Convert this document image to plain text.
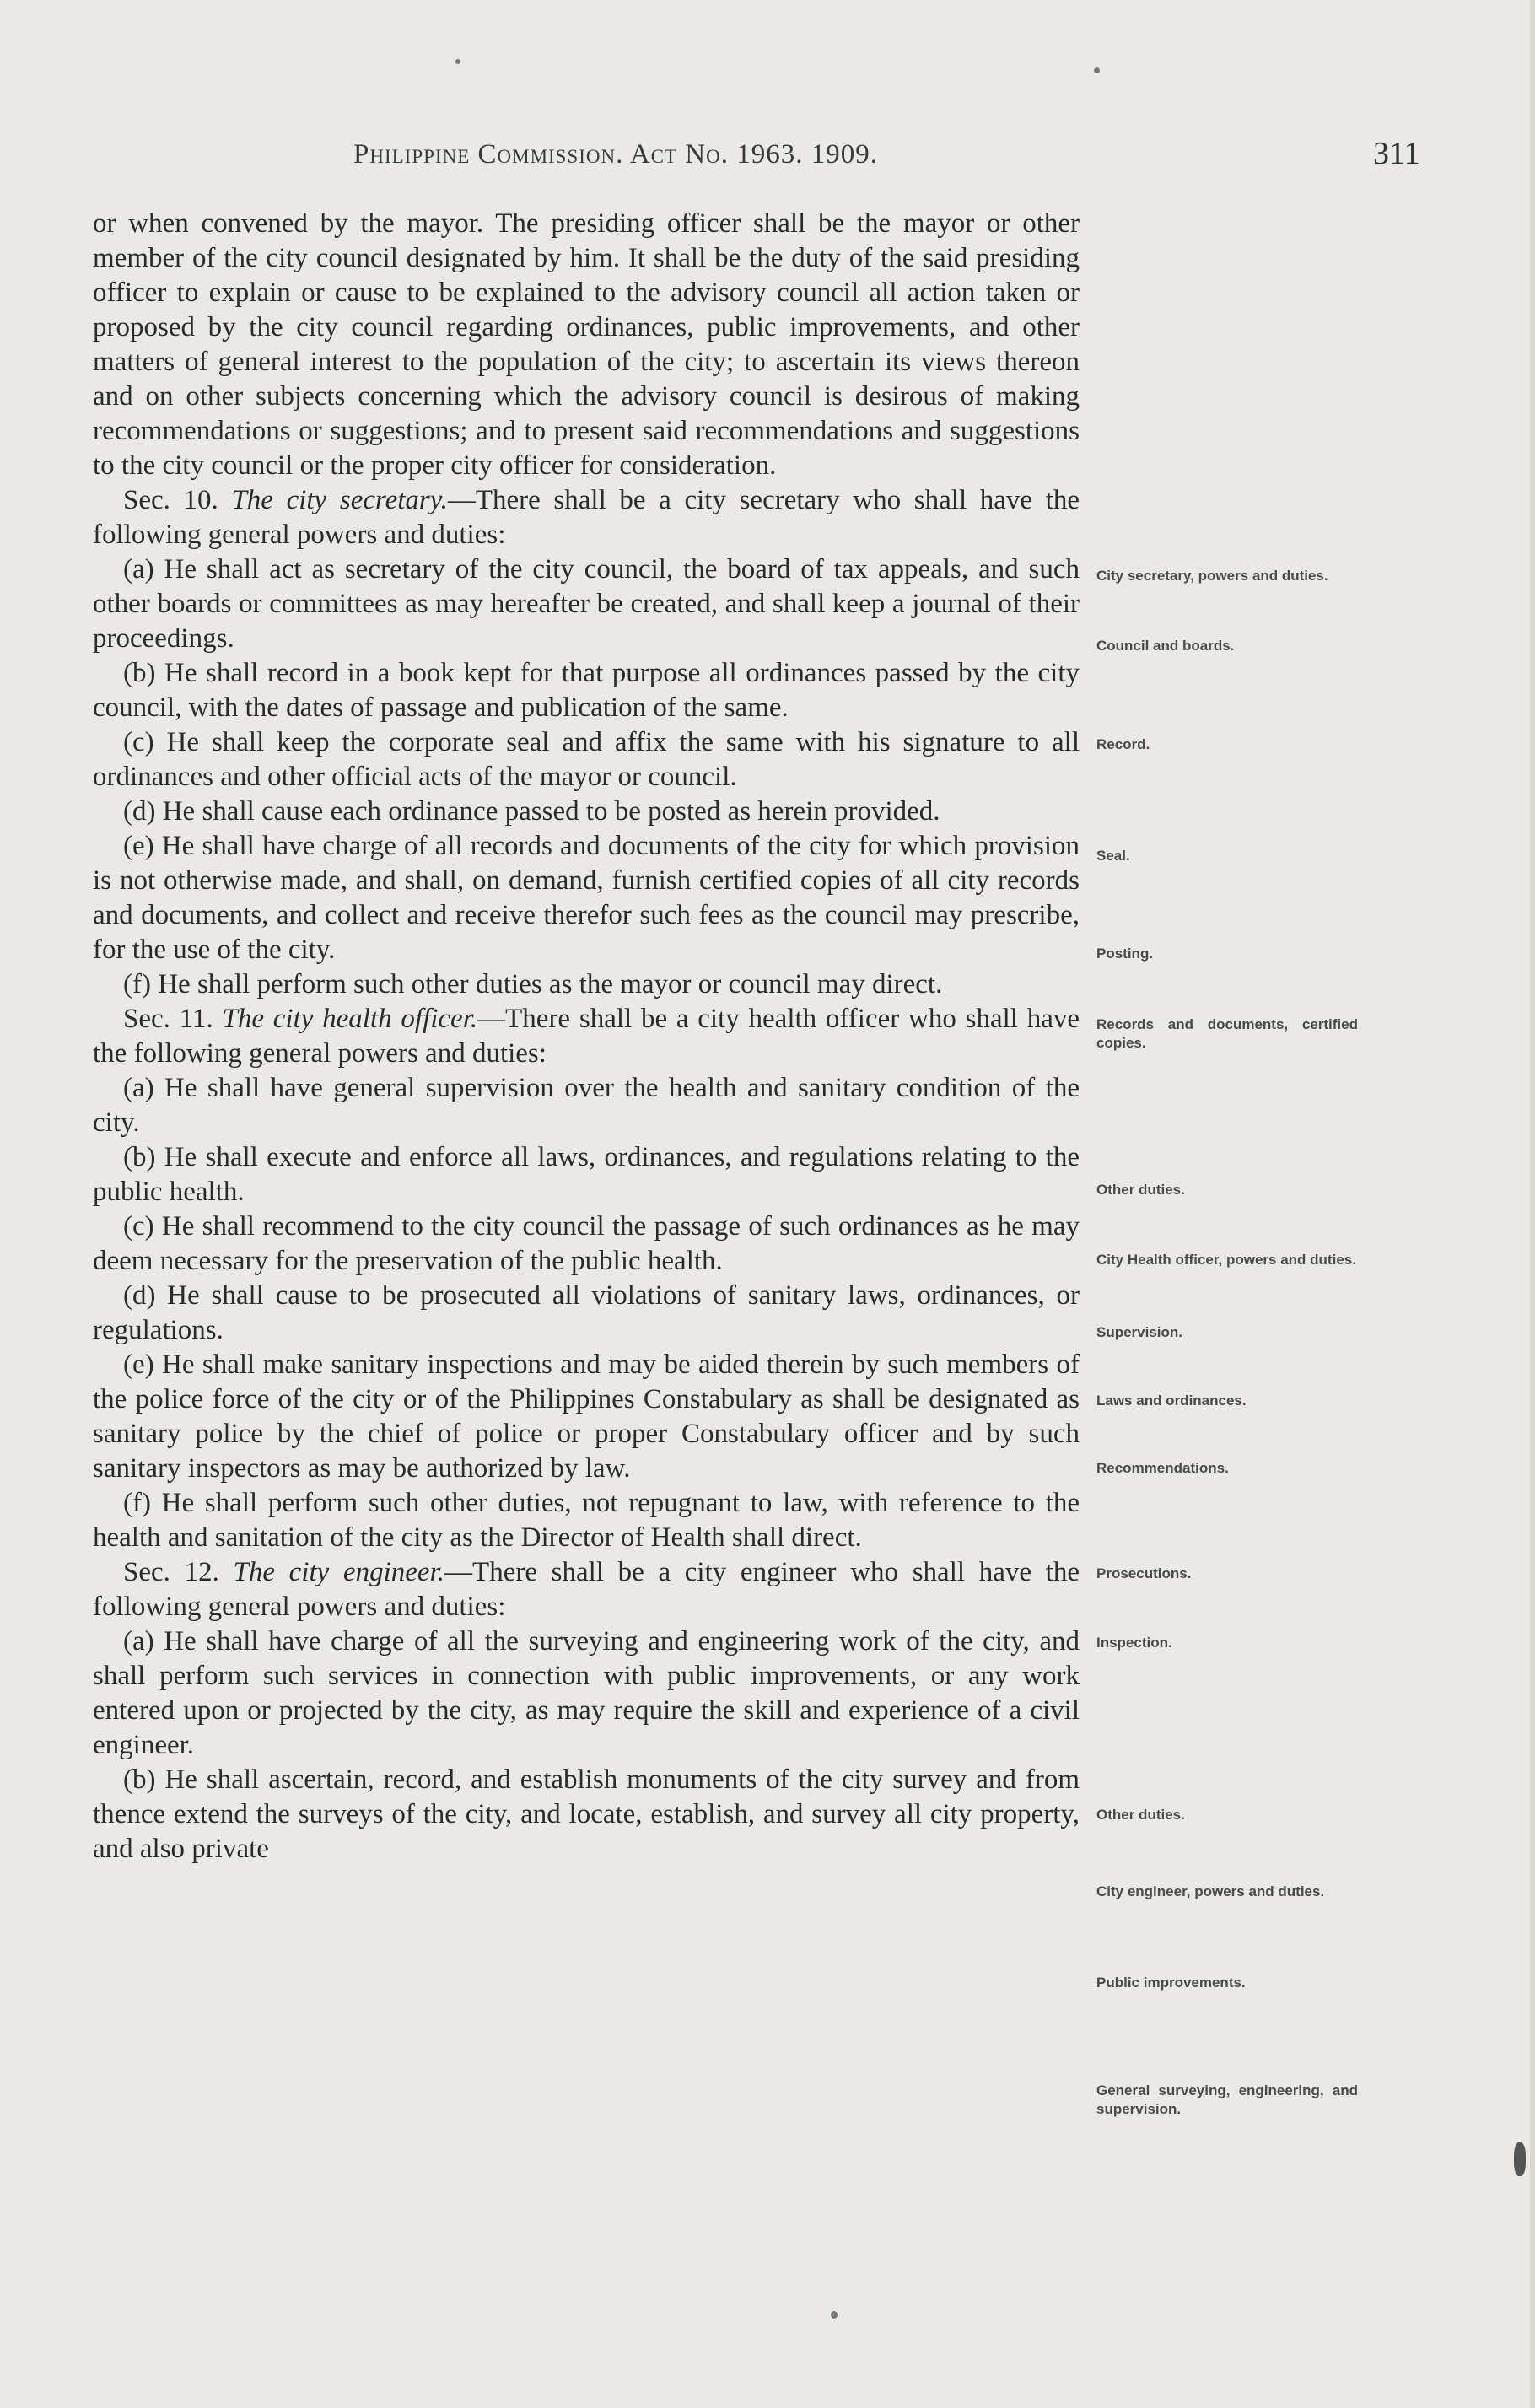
Philippine Commission. Act No. 1963. 1909.	311

or when convened by the mayor. The presiding officer shall be the mayor or other member of the city council designated by him. It shall be the duty of the said presiding officer to explain or cause to be explained to the advisory council all action taken or proposed by the city council regarding ordinances, public improvements, and other matters of general interest to the population of the city; to ascertain its views thereon and on other subjects concerning which the advisory council is desirous of making recommendations or suggestions; and to present said recommendations and suggestions to the city council or the proper city officer for consideration.

Sec. 10. The city secretary.—There shall be a city secretary who shall have the following general powers and duties:

(a) He shall act as secretary of the city council, the board of tax appeals, and such other boards or committees as may hereafter be created, and shall keep a journal of their proceedings.

(b) He shall record in a book kept for that purpose all ordinances passed by the city council, with the dates of passage and publication of the same.

(c) He shall keep the corporate seal and affix the same with his signature to all ordinances and other official acts of the mayor or council.

(d) He shall cause each ordinance passed to be posted as herein provided.

(e) He shall have charge of all records and documents of the city for which provision is not otherwise made, and shall, on demand, furnish certified copies of all city records and documents, and collect and receive therefor such fees as the council may prescribe, for the use of the city.

(f) He shall perform such other duties as the mayor or council may direct.

Sec. 11. The city health officer.—There shall be a city health officer who shall have the following general powers and duties:

(a) He shall have general supervision over the health and sanitary condition of the city.

(b) He shall execute and enforce all laws, ordinances, and regulations relating to the public health.

(c) He shall recommend to the city council the passage of such ordinances as he may deem necessary for the preservation of the public health.

(d) He shall cause to be prosecuted all violations of sanitary laws, ordinances, or regulations.

(e) He shall make sanitary inspections and may be aided therein by such members of the police force of the city or of the Philippines Constabulary as shall be designated as sanitary police by the chief of police or proper Constabulary officer and by such sanitary inspectors as may be authorized by law.

(f) He shall perform such other duties, not repugnant to law, with reference to the health and sanitation of the city as the Director of Health shall direct.

Sec. 12. The city engineer.—There shall be a city engineer who shall have the following general powers and duties:

(a) He shall have charge of all the surveying and engineering work of the city, and shall perform such services in connection with public improvements, or any work entered upon or projected by the city, as may require the skill and experience of a civil engineer.

(b) He shall ascertain, record, and establish monuments of the city survey and from thence extend the surveys of the city, and locate, establish, and survey all city property, and also private

City secretary, powers and duties.
Council and boards.
Record.
Seal.
Posting.
Records and documents, certified copies.
Other duties.
City Health officer, powers and duties.
Supervision.
Laws and ordinances.
Recommendations.
Prosecutions.
Inspection.
Other duties.
City engineer, powers and duties.
Public improvements.
General surveying, engineering, and supervision.
